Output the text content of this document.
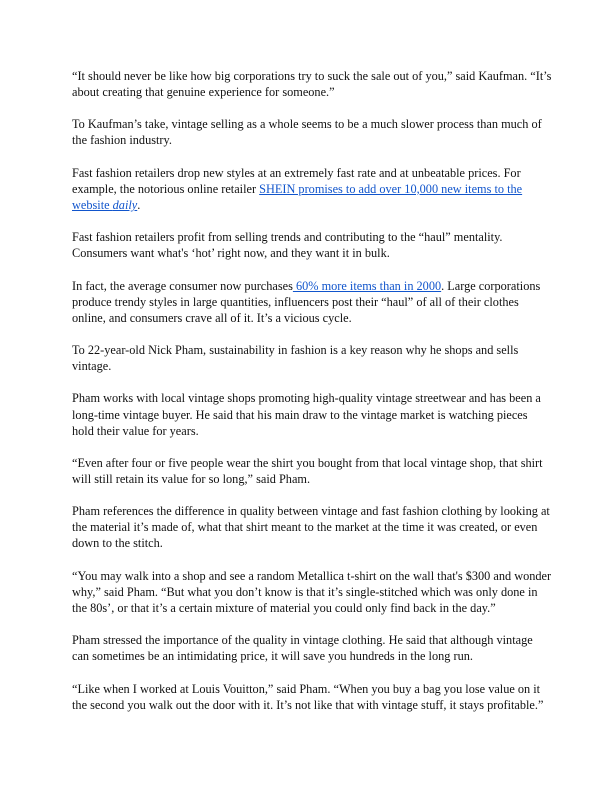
“It should never be like how big corporations try to suck the sale out of you,” said Kaufman. “It’s
about creating that genuine experience for someone.”

To Kaufman’s take, vintage selling as a whole seems to be a much slower process than much of
the fashion industry.

Fast fashion retailers drop new styles at an extremely fast rate and at unbeatable prices. For
example, the notorious online retailer SHEIN promises to add over 10,000 new items to the
website daily.

Fast fashion retailers profit from selling trends and contributing to the “haul” mentality.
Consumers want what's ‘hot’ right now, and they want it in bulk.

In fact, the average consumer now purchases 60% more items than in 2000. Large corporations
produce trendy styles in large quantities, influencers post their “haul” of all of their clothes
online, and consumers crave all of it. It’s a vicious cycle.

To 22-year-old Nick Pham, sustainability in fashion is a key reason why he shops and sells
vintage.

Pham works with local vintage shops promoting high-quality vintage streetwear and has been a
long-time vintage buyer. He said that his main draw to the vintage market is watching pieces
hold their value for years.

“Even after four or five people wear the shirt you bought from that local vintage shop, that shirt
will still retain its value for so long,” said Pham.

Pham references the difference in quality between vintage and fast fashion clothing by looking at
the material it’s made of, what that shirt meant to the market at the time it was created, or even
down to the stitch.

“You may walk into a shop and see a random Metallica t-shirt on the wall that's $300 and wonder
why,” said Pham. “But what you don’t know is that it’s single-stitched which was only done in
the 80s’, or that it’s a certain mixture of material you could only find back in the day.”

Pham stressed the importance of the quality in vintage clothing. He said that although vintage
can sometimes be an intimidating price, it will save you hundreds in the long run.

“Like when I worked at Louis Vouitton,” said Pham. “When you buy a bag you lose value on it
the second you walk out the door with it. It’s not like that with vintage stuff, it stays profitable.”
